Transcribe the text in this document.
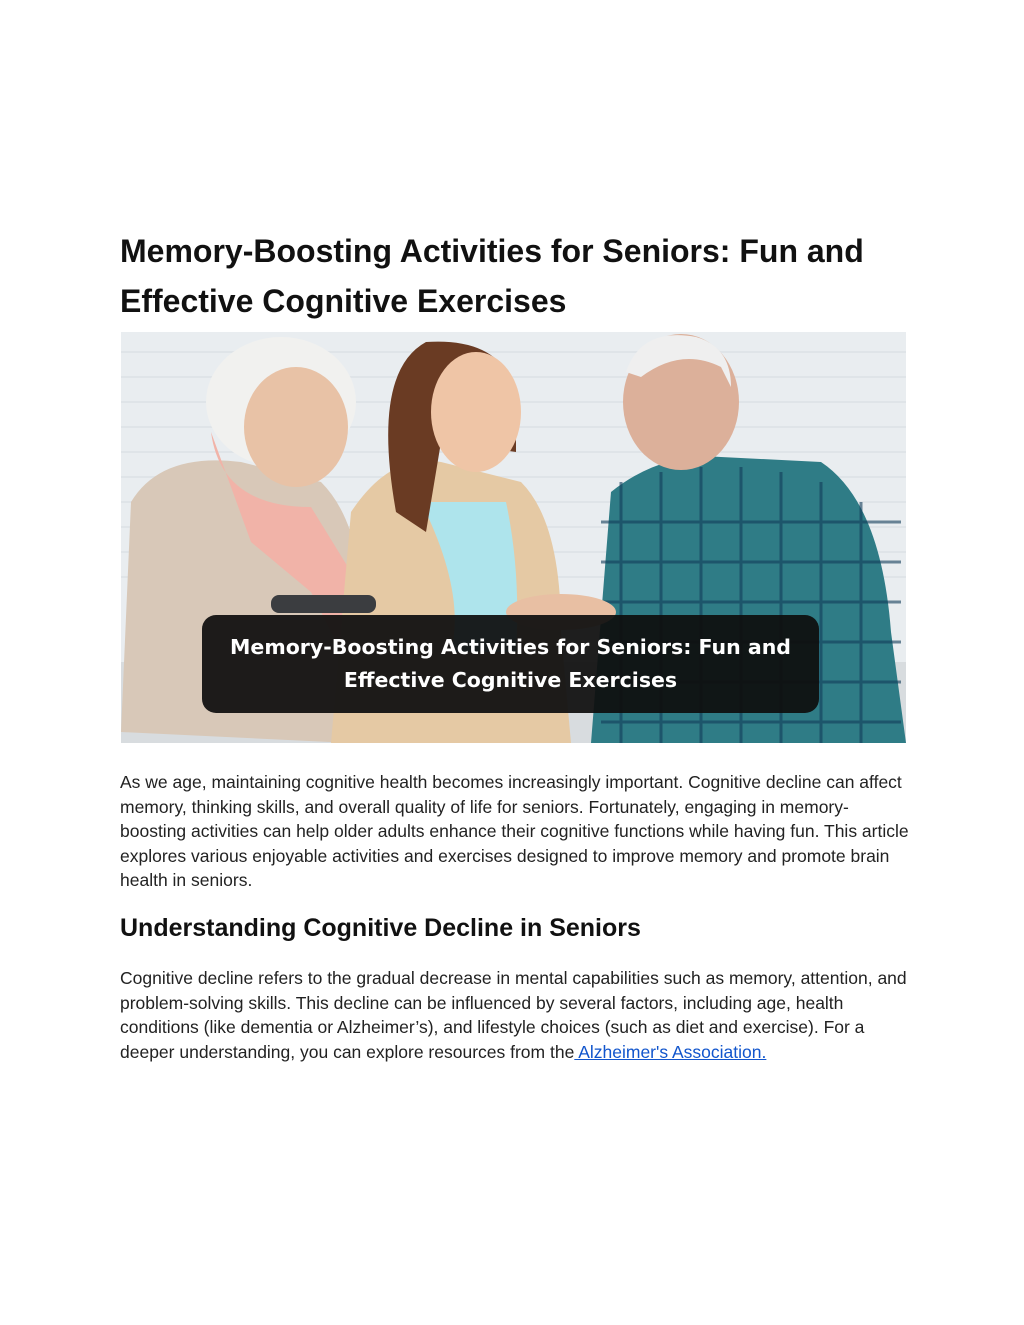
Memory-Boosting Activities for Seniors: Fun and Effective Cognitive Exercises
Memory-Boosting Activities for Seniors: Fun and Effective Cognitive Exercises

As we age, maintaining cognitive health becomes increasingly important. Cognitive decline can affect memory, thinking skills, and overall quality of life for seniors. Fortunately, engaging in memory-boosting activities can help older adults enhance their cognitive functions while having fun. This article explores various enjoyable activities and exercises designed to improve memory and promote brain health in seniors.

Understanding Cognitive Decline in Seniors

Cognitive decline refers to the gradual decrease in mental capabilities such as memory, attention, and problem-solving skills. This decline can be influenced by several factors, including age, health conditions (like dementia or Alzheimer’s), and lifestyle choices (such as diet and exercise). For a deeper understanding, you can explore resources from the Alzheimer's Association.
